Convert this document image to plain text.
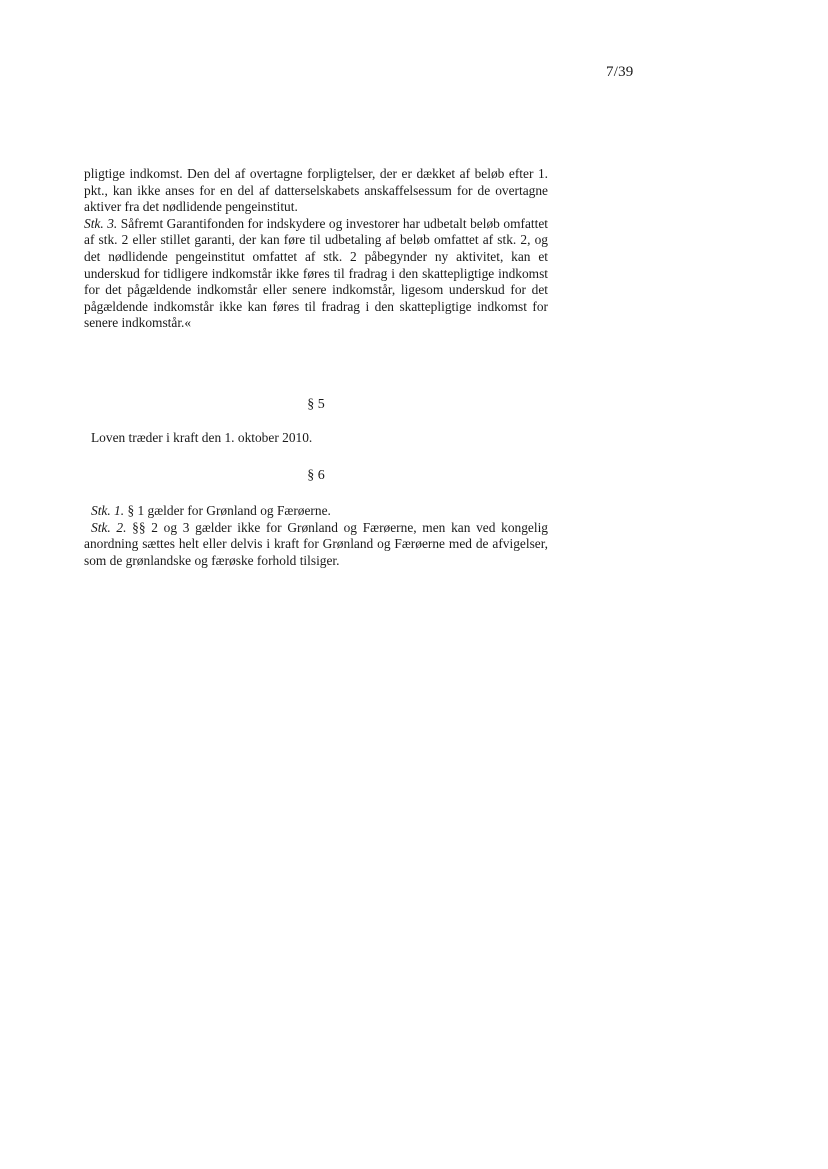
7/39

pligtige indkomst. Den del af overtagne forpligtelser, der er dækket af beløb efter 1. pkt., kan ikke anses for en del af datterselskabets anskaffelsessum for de overtagne aktiver fra det nødlidende pengeinstitut.

Stk. 3. Såfremt Garantifonden for indskydere og investorer har udbetalt beløb omfattet af stk. 2 eller stillet garanti, der kan føre til udbetaling af beløb omfattet af stk. 2, og det nødlidende pengeinstitut omfattet af stk. 2 påbegynder ny aktivitet, kan et underskud for tidligere indkomstår ikke føres til fradrag i den skattepligtige indkomst for det pågældende indkomstår eller senere indkomstår, ligesom underskud for det pågældende indkomstår ikke kan føres til fradrag i den skattepligtige indkomst for senere indkomstår.«

§ 5

Loven træder i kraft den 1. oktober 2010.

§ 6

Stk. 1. § 1 gælder for Grønland og Færøerne.

Stk. 2. §§ 2 og 3 gælder ikke for Grønland og Færøerne, men kan ved kongelig anordning sættes helt eller delvis i kraft for Grønland og Færøerne med de afvigelser, som de grønlandske og færøske forhold tilsiger.
